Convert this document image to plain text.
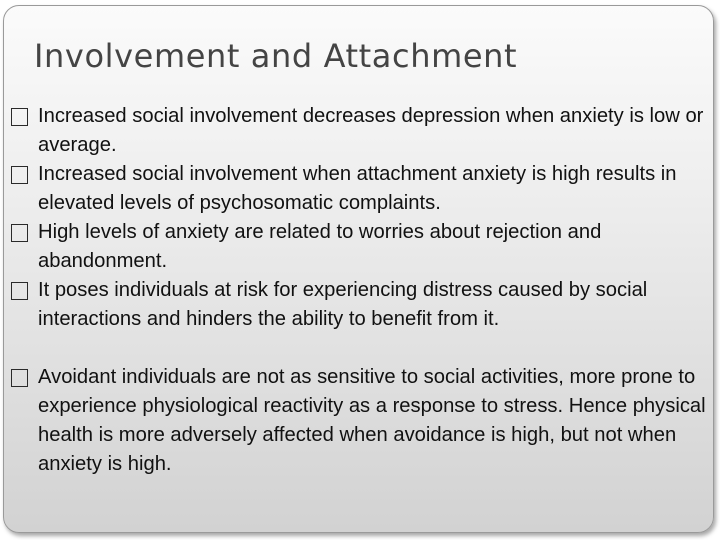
Involvement and Attachment
Increased social involvement decreases depression when anxiety is low or average.
Increased social involvement when attachment anxiety is high results in elevated levels of psychosomatic complaints.
High levels of anxiety are related to worries about rejection and abandonment.
It poses individuals at risk for experiencing distress caused by social interactions and hinders the ability to benefit from it.
Avoidant individuals are not as sensitive to social activities, more prone to experience physiological reactivity as a response to stress. Hence physical health is more adversely affected when avoidance is high, but not when anxiety is high.
